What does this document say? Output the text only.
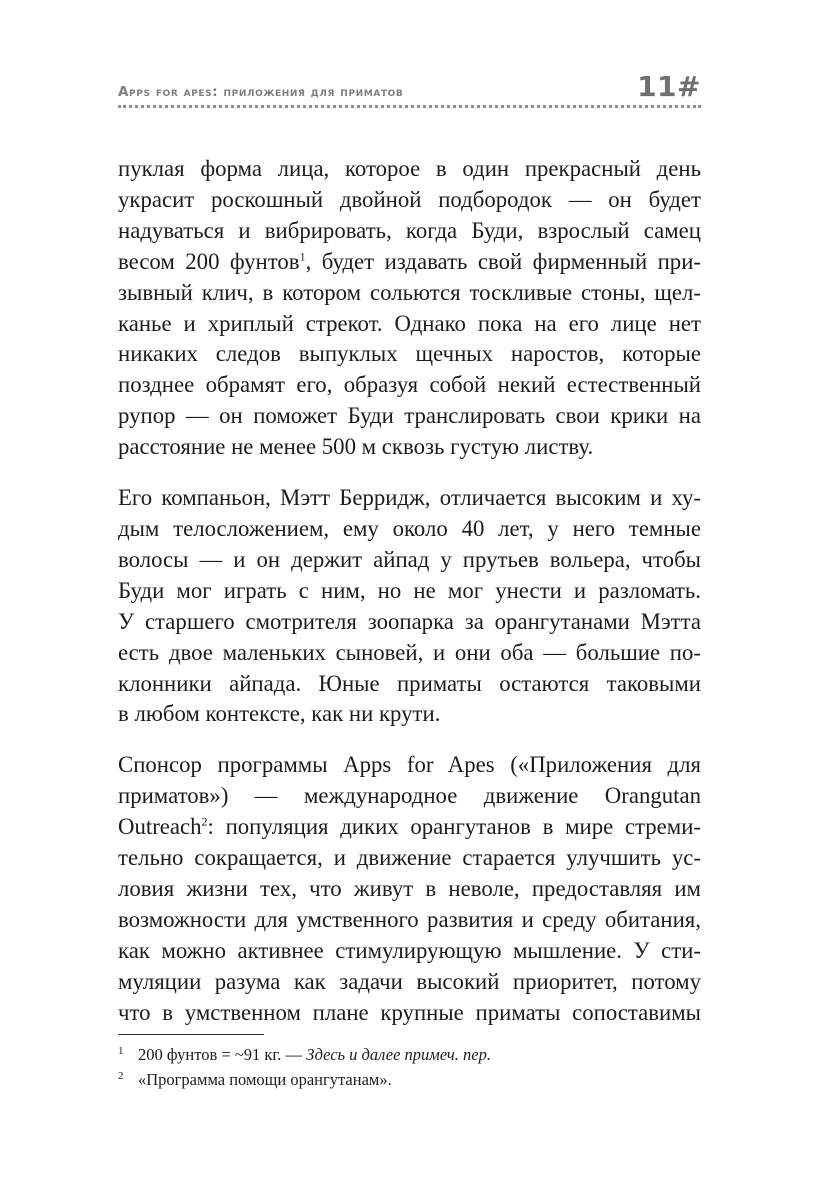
Apps for apes: приложения для приматов	11#

пуклая форма лица, которое в один прекрасный день
украсит роскошный двойной подбородок — он будет
надуваться и вибрировать, когда Буди, взрослый самец
весом 200 фунтов$^1$, будет издавать свой фирменный при-
зывный клич, в котором сольются тоскливые стоны, щел-
канье и хриплый стрекот. Однако пока на его лице нет
никаких следов выпуклых щечных наростов, которые
позднее обрамят его, образуя собой некий естественный
рупор — он поможет Буди транслировать свои крики на
расстояние не менее 500 м сквозь густую листву.

Его компаньон, Мэтт Берридж, отличается высоким и ху-
дым телосложением, ему около 40 лет, у него темные
волосы — и он держит айпад у прутьев вольера, чтобы
Буди мог играть с ним, но не мог унести и разломать.
У старшего смотрителя зоопарка за орангутанами Мэтта
есть двое маленьких сыновей, и они оба — большие по-
клонники айпада. Юные приматы остаются таковыми
в любом контексте, как ни крути.

Спонсор программы Apps for Apes («Приложения для
приматов») — международное движение Orangutan
Outreach$^2$: популяция диких орангутанов в мире стреми-
тельно сокращается, и движение старается улучшить ус-
ловия жизни тех, что живут в неволе, предоставляя им
возможности для умственного развития и среду обитания,
как можно активнее стимулирующую мышление. У сти-
муляции разума как задачи высокий приоритет, потому
что в умственном плане крупные приматы сопоставимы

1 200 фунтов = ~91 кг. — Здесь и далее примеч. пер.
2 «Программа помощи орангутанам».
